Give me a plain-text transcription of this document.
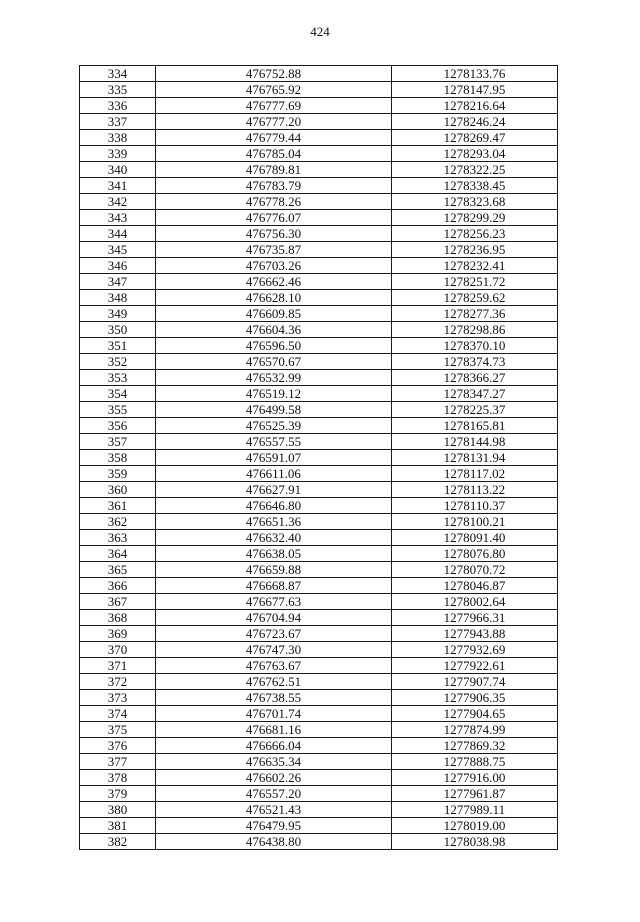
424
334	476752.88	1278133.76
335	476765.92	1278147.95
336	476777.69	1278216.64
337	476777.20	1278246.24
338	476779.44	1278269.47
339	476785.04	1278293.04
340	476789.81	1278322.25
341	476783.79	1278338.45
342	476778.26	1278323.68
343	476776.07	1278299.29
344	476756.30	1278256.23
345	476735.87	1278236.95
346	476703.26	1278232.41
347	476662.46	1278251.72
348	476628.10	1278259.62
349	476609.85	1278277.36
350	476604.36	1278298.86
351	476596.50	1278370.10
352	476570.67	1278374.73
353	476532.99	1278366.27
354	476519.12	1278347.27
355	476499.58	1278225.37
356	476525.39	1278165.81
357	476557.55	1278144.98
358	476591.07	1278131.94
359	476611.06	1278117.02
360	476627.91	1278113.22
361	476646.80	1278110.37
362	476651.36	1278100.21
363	476632.40	1278091.40
364	476638.05	1278076.80
365	476659.88	1278070.72
366	476668.87	1278046.87
367	476677.63	1278002.64
368	476704.94	1277966.31
369	476723.67	1277943.88
370	476747.30	1277932.69
371	476763.67	1277922.61
372	476762.51	1277907.74
373	476738.55	1277906.35
374	476701.74	1277904.65
375	476681.16	1277874.99
376	476666.04	1277869.32
377	476635.34	1277888.75
378	476602.26	1277916.00
379	476557.20	1277961.87
380	476521.43	1277989.11
381	476479.95	1278019.00
382	476438.80	1278038.98
